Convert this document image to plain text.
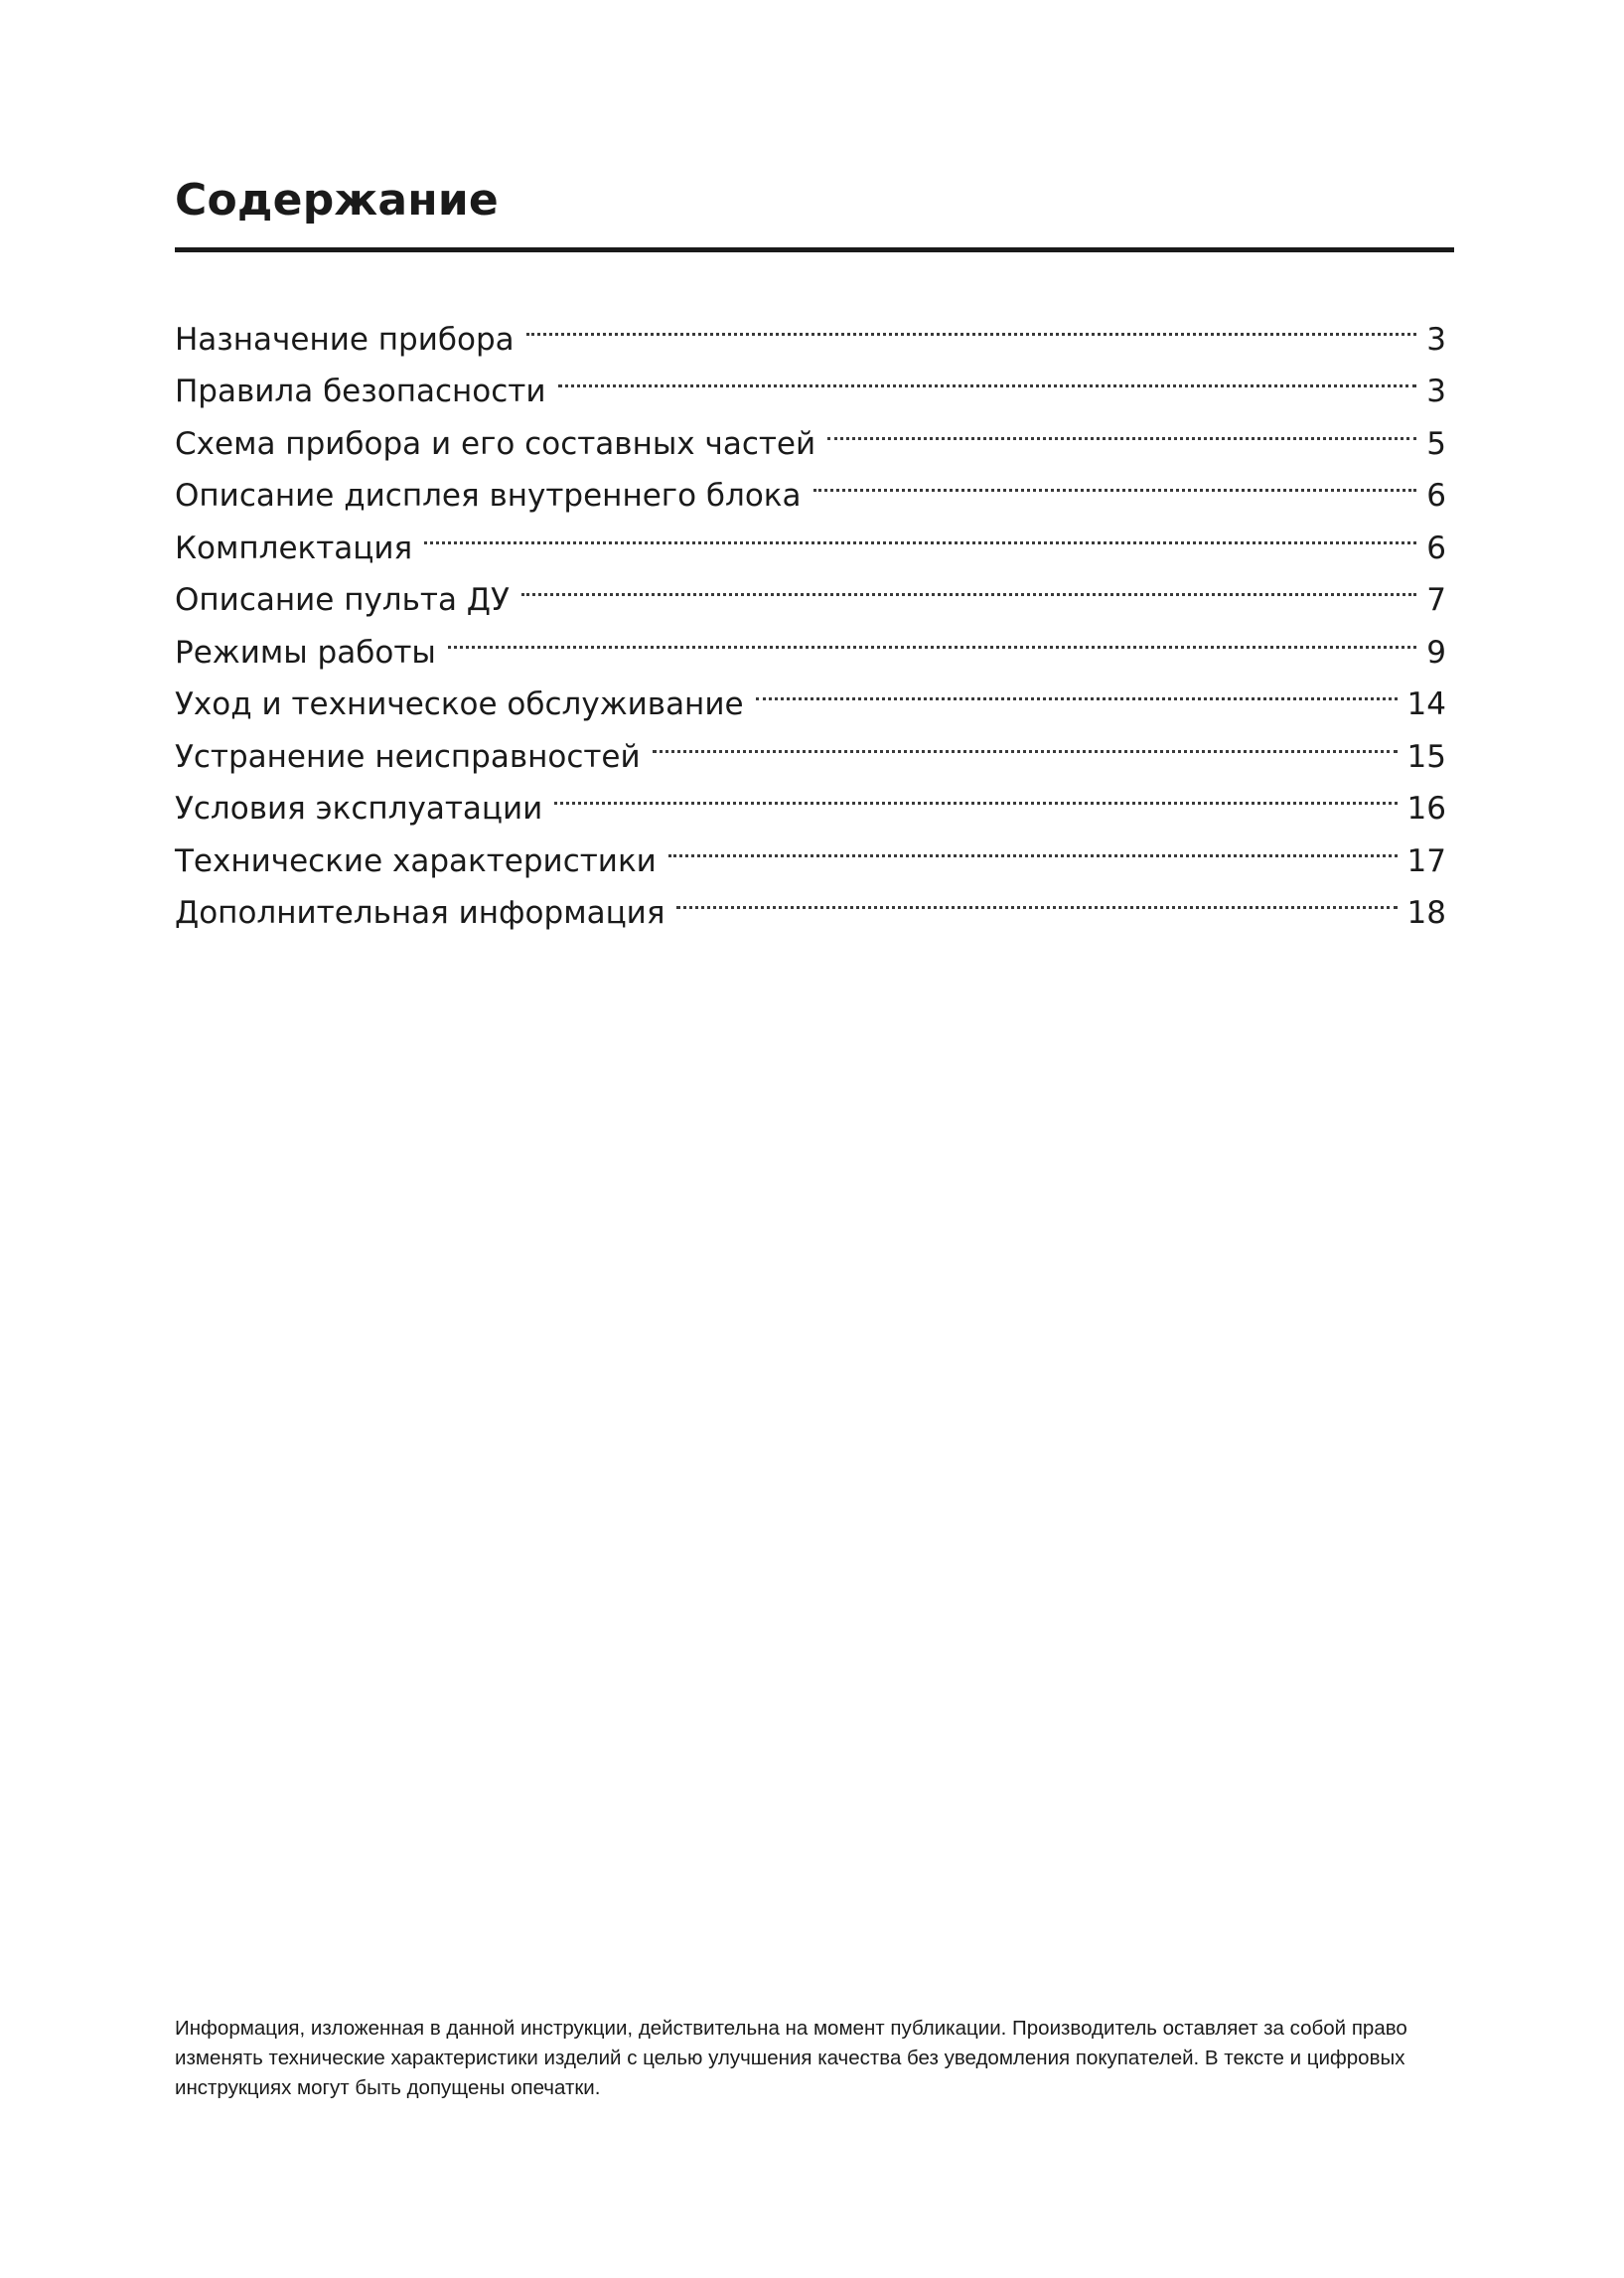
Содержание
Назначение прибора	3
Правила безопасности	3
Схема прибора и его составных частей	5
Описание дисплея внутреннего блока	6
Комплектация	6
Описание пульта ДУ	7
Режимы работы	9
Уход и техническое обслуживание	14
Устранение неисправностей	15
Условия эксплуатации	16
Технические характеристики	17
Дополнительная информация	18

Информация, изложенная в данной инструкции, действительна на момент публикации. Производитель оставляет за собой право изменять технические характеристики изделий с целью улучшения качества без уведомления покупателей. В тексте и цифровых инструкциях могут быть допущены опечатки.
